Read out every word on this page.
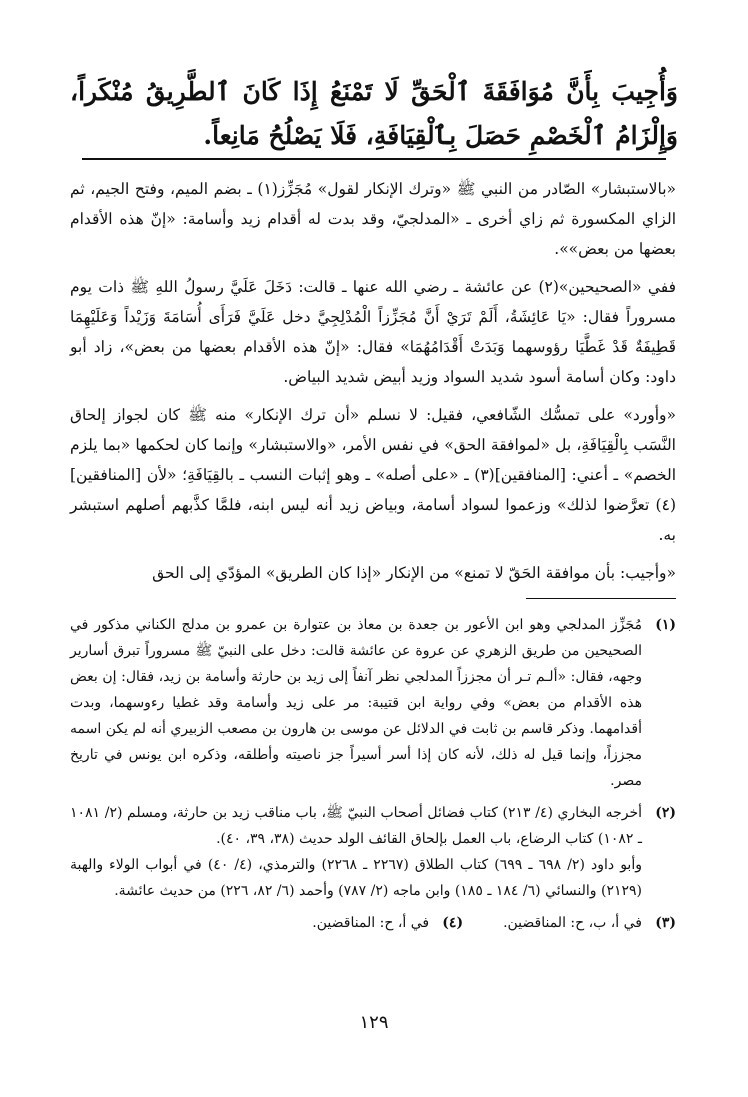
وَأُجِيبَ بِأَنَّ مُوَافَقَةَ ٱلْحَقِّ لَا تَمْنَعُ إِذَا كَانَ ٱلطَّرِيقُ مُنْكَراً، وَإِلْزَامُ ٱلْخَصْمِ حَصَلَ بِٱلْقِيَافَةِ، فَلَا يَصْلُحُ مَانِعاً.

«بالاستبشار» الصّادر من النبي ﷺ «وترك الإنكار لقول» مُجَزِّز(١) ـ بضم الميم، وفتح الجيم، ثم الزاي المكسورة ثم زاي أخرى ـ «المدلجيّ، وقد بدت له أقدام زيد وأسامة: «إنّ هذه الأقدام بعضها من بعض»».

ففي «الصحيحين»(٢) عن عائشة ـ رضي الله عنها ـ قالت: دَخَلَ عَلَيَّ رسولُ اللهِ ﷺ ذات يوم مسروراً فقال: «يَا عَائِشَةُ، أَلَمْ تَرَيْ أَنَّ مُجَزِّزاً الْمُدْلِجِيَّ دخل عَلَيَّ فَرَأَى أُسَامَةَ وَزَيْداً وَعَلَيْهِمَا قَطِيفَةٌ قَدْ غَطَّيَا رؤوسهما وَبَدَتْ أَقْدَامُهُمَا» فقال: «إنّ هذه الأقدام بعضها من بعض»، زاد أبو داود: وكان أسامة أسود شديد السواد وزيد أبيض شديد البياض.

«وأورد» على تمسُّك الشّافعي، فقيل: لا نسلم «أن ترك الإنكار» منه ﷺ كان لجواز إلحاق النَّسَب بِالْقِيَافَةِ، بل «لموافقة الحق» في نفس الأمر، «والاستبشار» وإنما كان لحكمها «بما يلزم الخصم» ـ أعني: [المنافقين](٣) ـ «على أصله» ـ وهو إثبات النسب ـ بالقِيَافَةِ؛ «لأن [المنافقين](٤) تعرَّضوا لذلك» وزعموا لسواد أسامة، وبياض زيد أنه ليس ابنه، فلمَّا كذَّبهم أصلهم استبشر به.

«وأجيب: بأن موافقة الحَقّ لا تمنع» من الإنكار «إذا كان الطريق» المؤدّي إلى الحق

(١)

مُجَزِّز المدلجي وهو ابن الأعور بن جعدة بن معاذ بن عتوارة بن عمرو بن مدلج الكناني مذكور في الصحيحين من طريق الزهري عن عروة عن عائشة قالت: دخل على النبيّ ﷺ مسروراً تبرق أسارير وجهه، فقال: «ألـم تـر أن مجززاً المدلجي نظر آنفاً إلى زيد بن حارثة وأسامة بن زيد، فقال: إن بعض هذه الأقدام من بعض» وفي رواية ابن قتيبة: مر على زيد وأسامة وقد غطيا رءوسهما، وبدت أقدامهما. وذكر قاسم بن ثابت في الدلائل عن موسى بن هارون بن مصعب الزبيري أنه لم يكن اسمه مجززاً، وإنما قيل له ذلك، لأنه كان إذا أسر أسيراً جز ناصيته وأطلقه، وذكره ابن يونس في تاريخ مصر.

(٢)

أخرجه البخاري (٤/ ٢١٣) كتاب فضائل أصحاب النبيّ ﷺ، باب مناقب زيد بن حارثة، ومسلم (٢/ ١٠٨١ ـ ١٠٨٢) كتاب الرضاع، باب العمل بإلحاق القائف الولد حديث (٣٨، ٣٩، ٤٠).

وأبو داود (٢/ ٦٩٨ ـ ٦٩٩) كتاب الطلاق (٢٢٦٧ ـ ٢٢٦٨) والترمذي، (٤/ ٤٠) في أبواب الولاء والهبة (٢١٢٩) والنسائي (٦/ ١٨٤ ـ ١٨٥) وابن ماجه (٢/ ٧٨٧) وأحمد (٦/ ٨٢، ٢٢٦) من حديث عائشة.

(٣)
في أ، ب، ح: المناقضين.
(٤)
في أ، ح: المناقضين.
١٢٩
